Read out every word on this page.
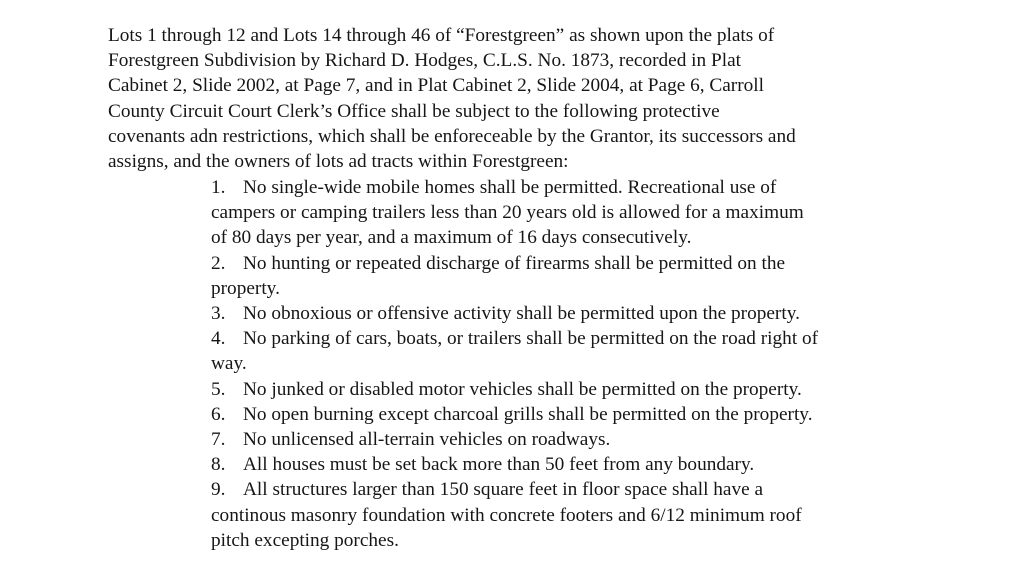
Lots 1 through 12 and Lots 14 through 46 of “Forestgreen” as shown upon the plats of
Forestgreen Subdivision by Richard D. Hodges, C.L.S. No. 1873, recorded in Plat
Cabinet 2, Slide 2002, at Page 7, and in Plat Cabinet 2, Slide 2004, at Page 6, Carroll
County Circuit Court Clerk’s Office shall be subject to the following protective
covenants adn restrictions, which shall be enforeceable by the Grantor, its successors and
assigns, and the owners of lots ad tracts within Forestgreen:

1. No single-wide mobile homes shall be permitted. Recreational use of
campers or camping trailers less than 20 years old is allowed for a maximum
of 80 days per year, and a maximum of 16 days consecutively.
2. No hunting or repeated discharge of firearms shall be permitted on the
property.
3. No obnoxious or offensive activity shall be permitted upon the property.
4. No parking of cars, boats, or trailers shall be permitted on the road right of
way.
5. No junked or disabled motor vehicles shall be permitted on the property.
6. No open burning except charcoal grills shall be permitted on the property.
7. No unlicensed all-terrain vehicles on roadways.
8. All houses must be set back more than 50 feet from any boundary.
9. All structures larger than 150 square feet in floor space shall have a
continous masonry foundation with concrete footers and 6/12 minimum roof
pitch excepting porches.
